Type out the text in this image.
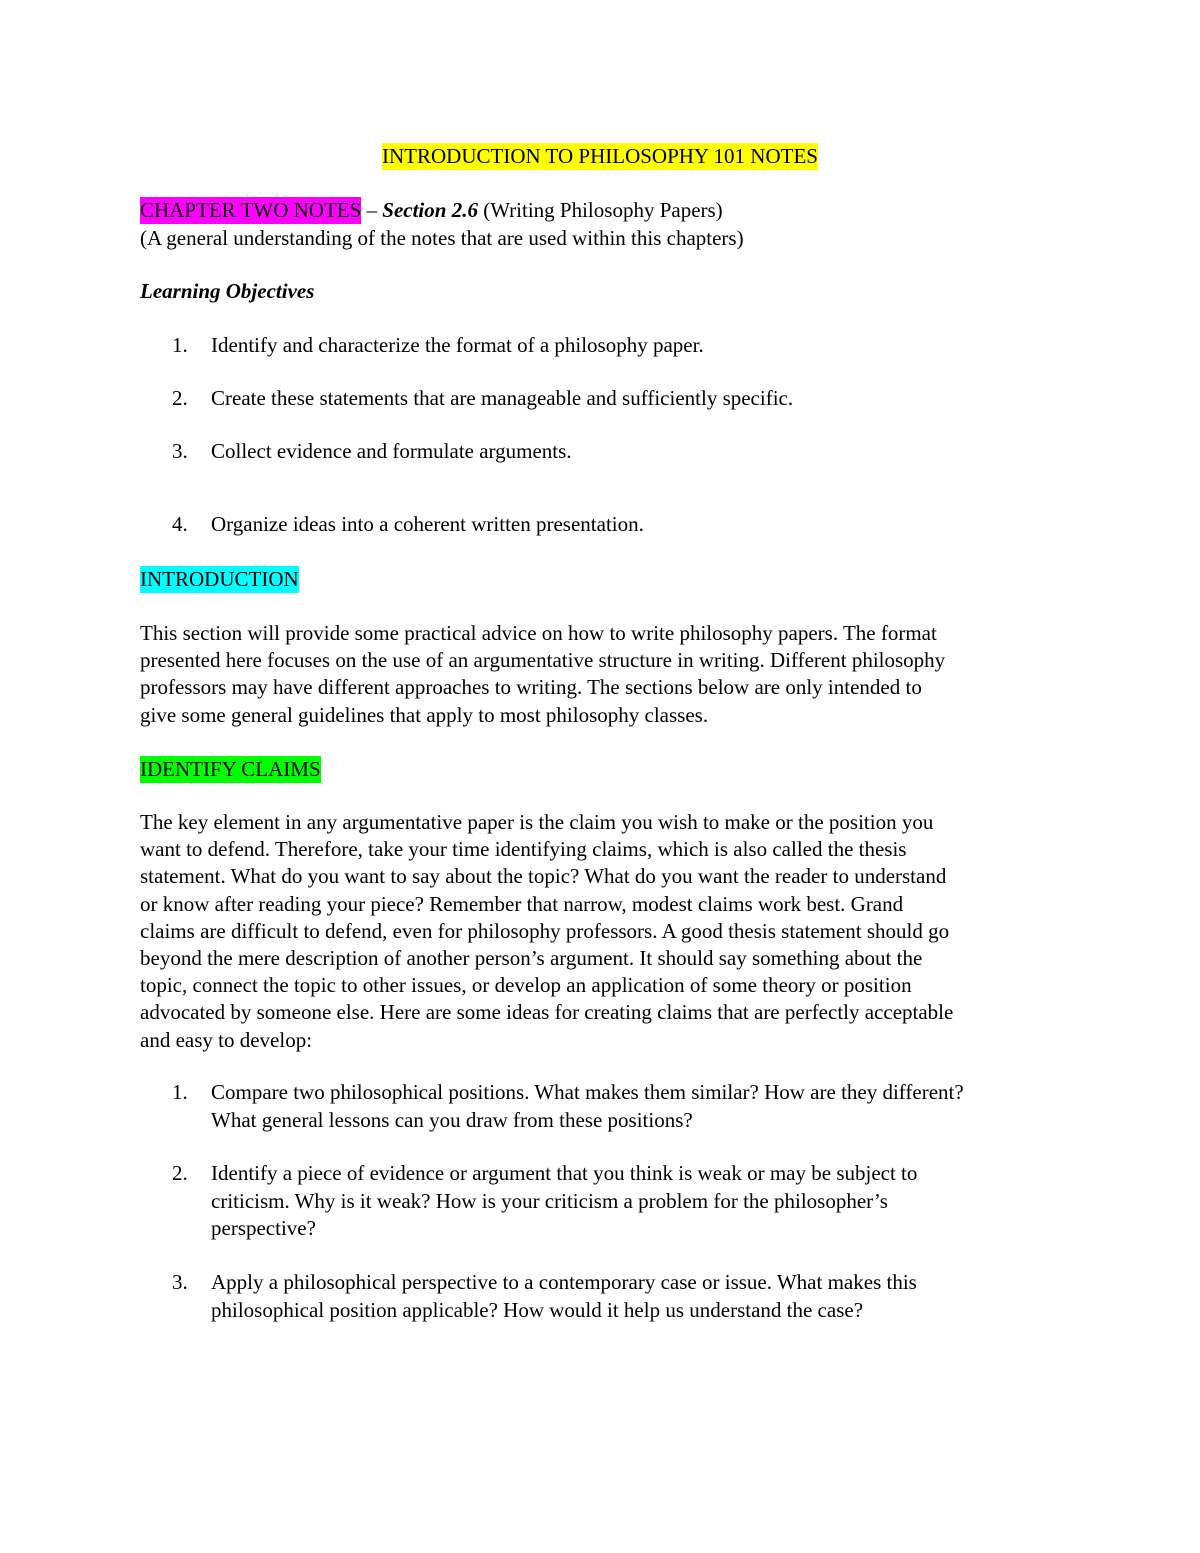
INTRODUCTION TO PHILOSOPHY 101 NOTES
CHAPTER TWO NOTES – Section 2.6 (Writing Philosophy Papers)
(A general understanding of the notes that are used within this chapters)
Learning Objectives
1. Identify and characterize the format of a philosophy paper.
2. Create these statements that are manageable and sufficiently specific.
3. Collect evidence and formulate arguments.
4. Organize ideas into a coherent written presentation.
INTRODUCTION
This section will provide some practical advice on how to write philosophy papers. The format
presented here focuses on the use of an argumentative structure in writing. Different philosophy
professors may have different approaches to writing. The sections below are only intended to
give some general guidelines that apply to most philosophy classes.
IDENTIFY CLAIMS
The key element in any argumentative paper is the claim you wish to make or the position you
want to defend. Therefore, take your time identifying claims, which is also called the thesis
statement. What do you want to say about the topic? What do you want the reader to understand
or know after reading your piece? Remember that narrow, modest claims work best. Grand
claims are difficult to defend, even for philosophy professors. A good thesis statement should go
beyond the mere description of another person’s argument. It should say something about the
topic, connect the topic to other issues, or develop an application of some theory or position
advocated by someone else. Here are some ideas for creating claims that are perfectly acceptable
and easy to develop:
1. Compare two philosophical positions. What makes them similar? How are they different?
What general lessons can you draw from these positions?
2. Identify a piece of evidence or argument that you think is weak or may be subject to
criticism. Why is it weak? How is your criticism a problem for the philosopher’s
perspective?
3. Apply a philosophical perspective to a contemporary case or issue. What makes this
philosophical position applicable? How would it help us understand the case?
